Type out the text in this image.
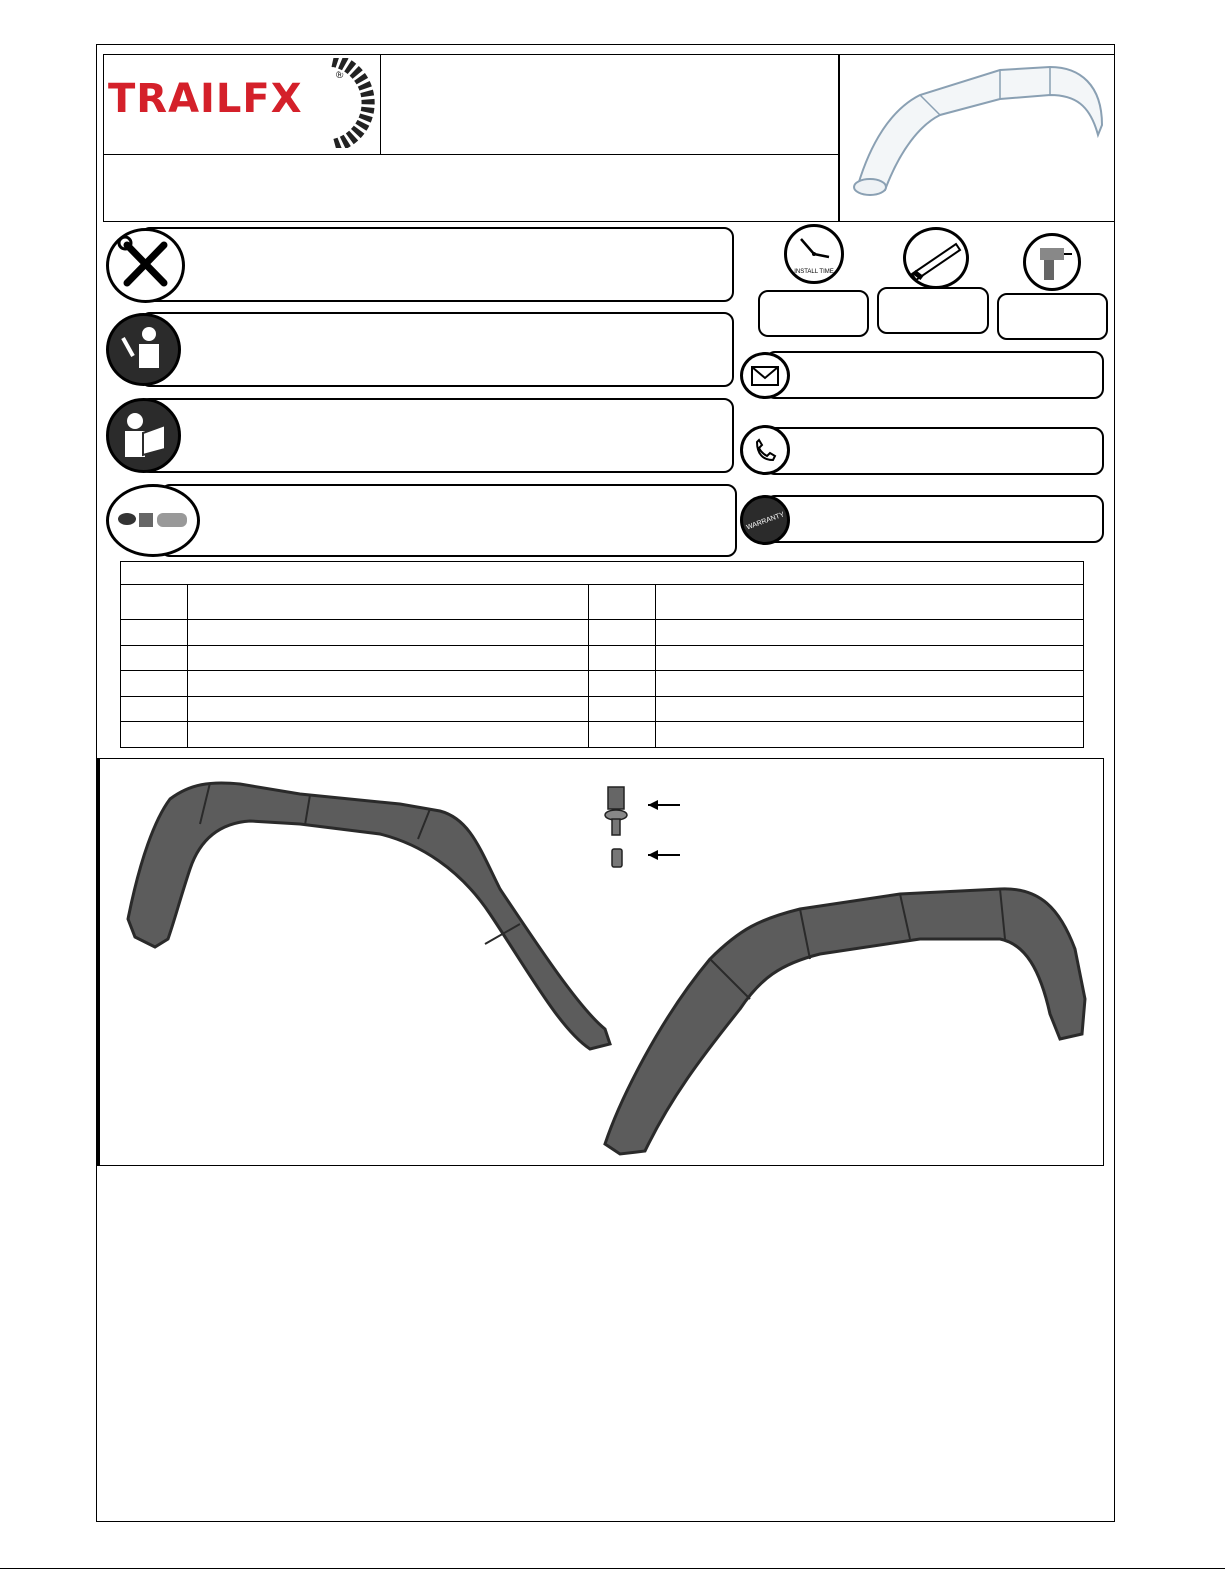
TRAILFX
®
INSTALL TIME
WARRANTY
